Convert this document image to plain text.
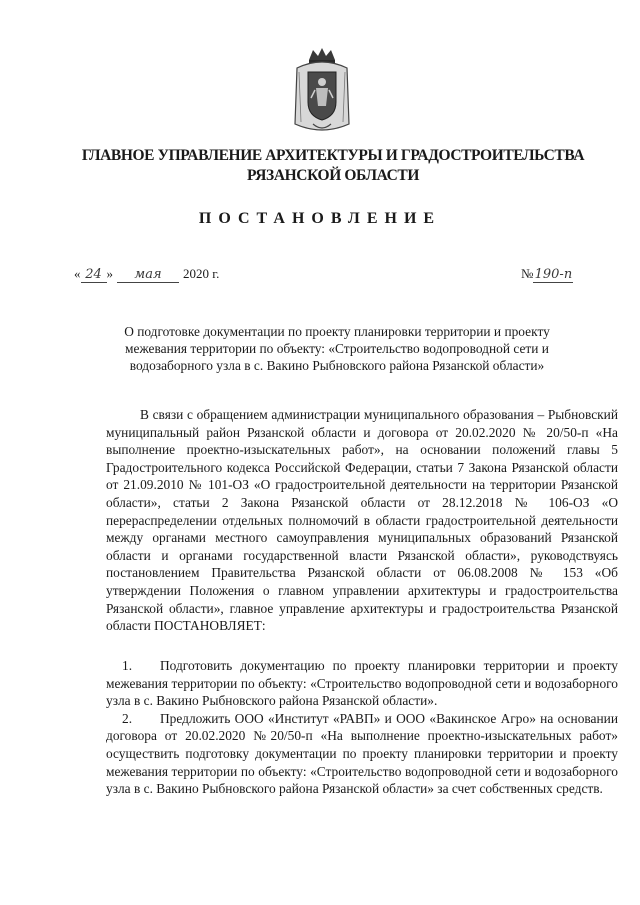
ГЛАВНОЕ УПРАВЛЕНИЕ АРХИТЕКТУРЫ И ГРАДОСТРОИТЕЛЬСТВА
РЯЗАНСКОЙ ОБЛАСТИ
ПОСТАНОВЛЕНИЕ
« 24 » мая 2020 г.	№190-п
О подготовке документации по проекту планировки территории и проекту межевания территории по объекту: «Строительство водопроводной сети и водозаборного узла в с. Вакино Рыбновского района Рязанской области»

В связи с обращением администрации муниципального образования – Рыбновский муниципальный район Рязанской области и договора от 20.02.2020 № 20/50-п «На выполнение проектно-изыскательных работ», на основании положений главы 5 Градостроительного кодекса Российской Федерации, статьи 7 Закона Рязанской области от 21.09.2010 № 101-ОЗ «О градостроительной деятельности на территории Рязанской области», статьи 2 Закона Рязанской области от 28.12.2018 № 106-ОЗ «О перераспределении отдельных полномочий в области градостроительной деятельности между органами местного самоуправления муниципальных образований Рязанской области и органами государственной власти Рязанской области», руководствуясь постановлением Правительства Рязанской области от 06.08.2008 № 153 «Об утверждении Положения о главном управлении архитектуры и градостроительства Рязанской области», главное управление архитектуры и градостроительства Рязанской области ПОСТАНОВЛЯЕТ:

1. Подготовить документацию по проекту планировки территории и проекту межевания территории по объекту: «Строительство водопроводной сети и водозаборного узла в с. Вакино Рыбновского района Рязанской области».

2. Предложить ООО «Институт «РАВП» и ООО «Вакинское Агро» на основании договора от 20.02.2020 №20/50-п «На выполнение проектно-изыскательных работ» осуществить подготовку документации по проекту планировки территории и проекту межевания территории по объекту: «Строительство водопроводной сети и водозаборного узла в с. Вакино Рыбновского района Рязанской области» за счет собственных средств.
